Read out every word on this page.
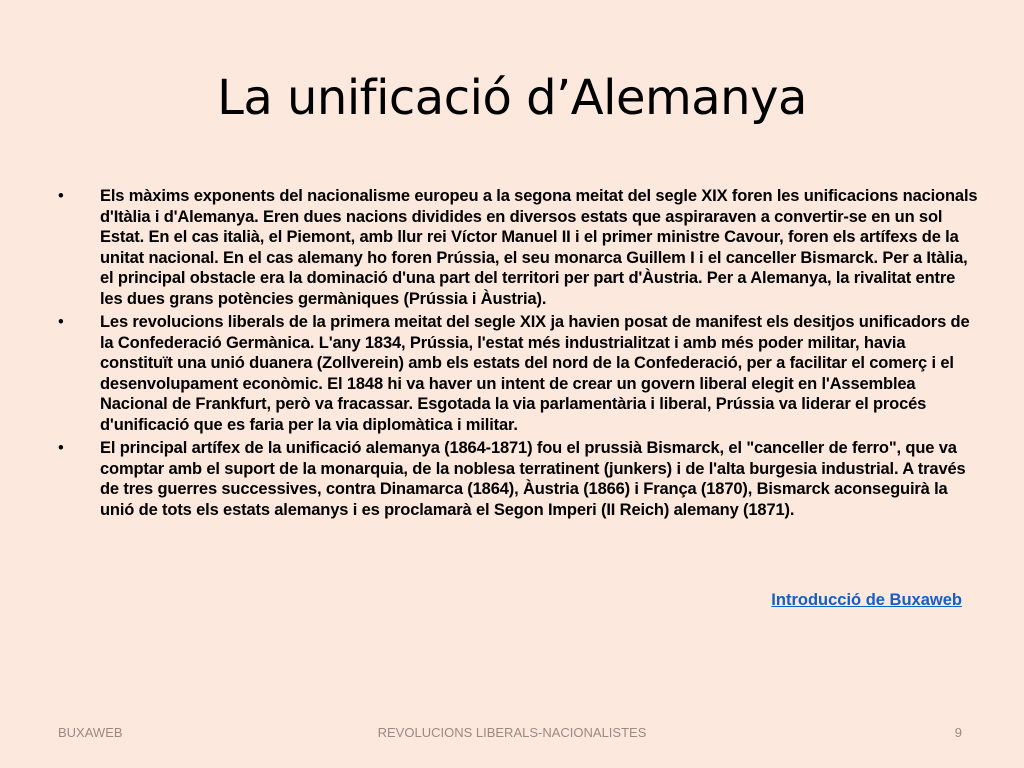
La unificació d’Alemanya
• Els màxims exponents del nacionalisme europeu a la segona meitat del segle XIX foren les unificacions nacionals d'Itàlia i d'Alemanya. Eren dues nacions dividides en diversos estats que aspiraraven a convertir-se en un sol Estat. En el cas italià, el Piemont, amb llur rei Víctor Manuel II i el primer ministre Cavour, foren els artífexs de la unitat nacional. En el cas alemany ho foren Prússia, el seu monarca Guillem I i el canceller Bismarck. Per a Itàlia, el principal obstacle era la dominació d'una part del territori per part d'Àustria. Per a Alemanya, la rivalitat entre les dues grans potències germàniques (Prússia i Àustria).
• Les revolucions liberals de la primera meitat del segle XIX ja havien posat de manifest els desitjos unificadors de la Confederació Germànica. L'any 1834, Prússia, l'estat més industrialitzat i amb més poder militar, havia constituït una unió duanera (Zollverein) amb els estats del nord de la Confederació, per a facilitar el comerç i el desenvolupament econòmic. El 1848 hi va haver un intent de crear un govern liberal elegit en l'Assemblea Nacional de Frankfurt, però va fracassar. Esgotada la via parlamentària i liberal, Prússia va liderar el procés d'unificació que es faria per la via diplomàtica i militar.
• El principal artífex de la unificació alemanya (1864-1871) fou el prussià Bismarck, el "canceller de ferro", que va comptar amb el suport de la monarquia, de la noblesa terratinent (junkers) i de l'alta burgesia industrial. A través de tres guerres successives, contra Dinamarca (1864), Àustria (1866) i França (1870), Bismarck aconseguirà la unió de tots els estats alemanys i es proclamarà el Segon Imperi (II Reich) alemany (1871).
Introducció de Buxaweb
BUXAWEB	REVOLUCIONS LIBERALS-NACIONALISTES	9
